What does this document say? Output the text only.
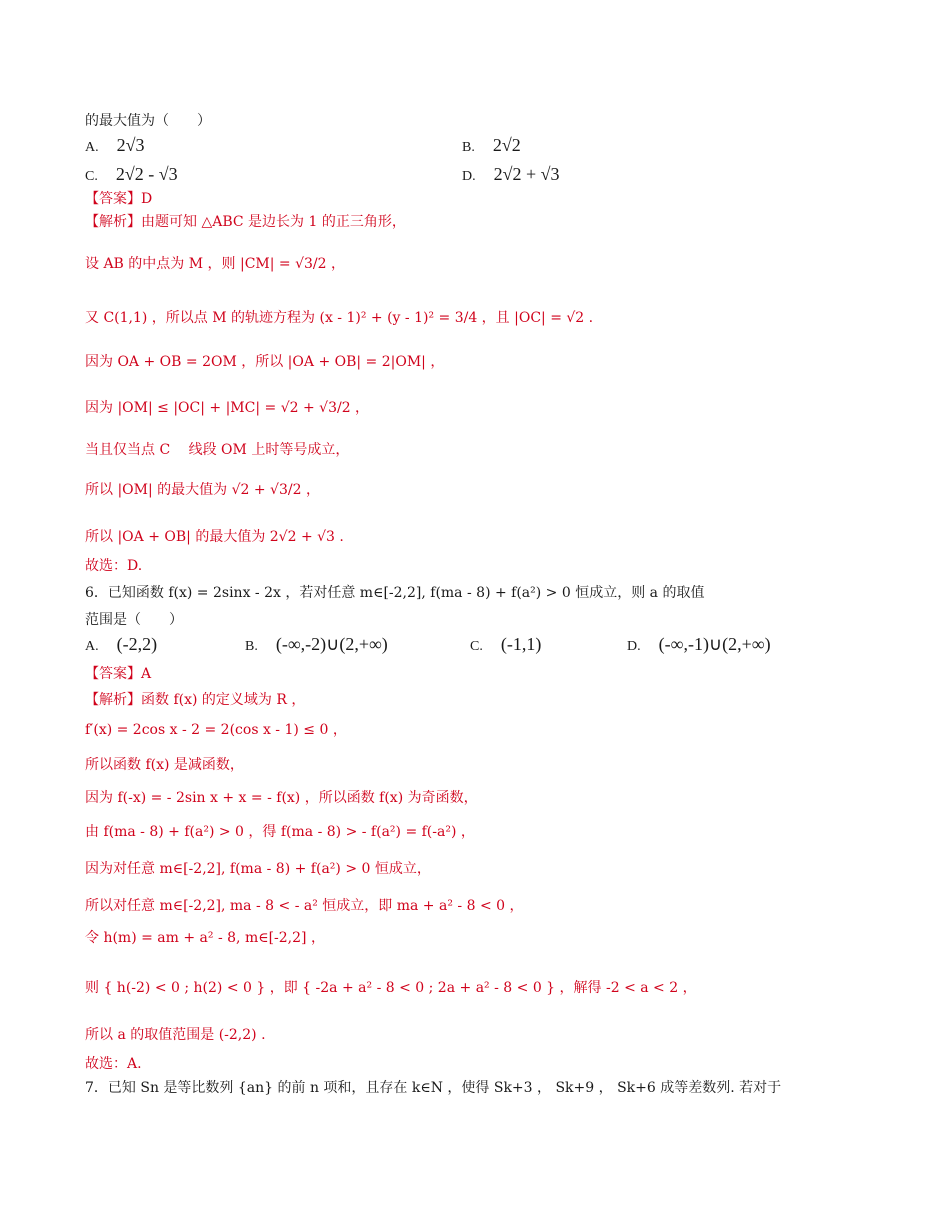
的最大值为（　　）
A. 2√3	B. 2√2
C. 2√2 - √3	D. 2√2 + √3
【答案】D
【解析】由题可知 △ABC 是边长为 1 的正三角形，
设 AB 的中点为 M ，则 |CM| = √3/2 ，
又 C(1,1) ，所以点 M 的轨迹方程为 (x - 1)² + (y - 1)² = 3/4 ，且 |OC| = √2 .
因为 OA + OB = 2OM ，所以 |OA + OB| = 2|OM| ，
因为 |OM| ≤ |OC| + |MC| = √2 + √3/2 ，
当且仅当点 C 　线段 OM 上时等号成立，
所以 |OM| 的最大值为 √2 + √3/2 ，
所以 |OA + OB| 的最大值为 2√2 + √3 .
故选：D.
6．已知函数 f(x) = 2sinx - 2x ，若对任意 m∈[-2,2], f(ma - 8) + f(a²) > 0 恒成立，则 a 的取值
范围是（　　）
A. (-2,2)	B. (-∞,-2)∪(2,+∞)	C. (-1,1)	D. (-∞,-1)∪(2,+∞)
【答案】A
【解析】函数 f(x) 的定义域为 R ，
f′(x) = 2cos x - 2 = 2(cos x - 1) ≤ 0 ，
所以函数 f(x) 是减函数，
因为 f(-x) = - 2sin x + x = - f(x) ，所以函数 f(x) 为奇函数，
由 f(ma - 8) + f(a²) > 0 ，得 f(ma - 8) > - f(a²) = f(-a²) ，
因为对任意 m∈[-2,2], f(ma - 8) + f(a²) > 0 恒成立，
所以对任意 m∈[-2,2], ma - 8 < - a² 恒成立，即 ma + a² - 8 < 0 ，
令 h(m) = am + a² - 8, m∈[-2,2] ，
则 { h(-2) < 0 ; h(2) < 0 } ，即 { -2a + a² - 8 < 0 ; 2a + a² - 8 < 0 } ，解得 -2 < a < 2 ，
所以 a 的取值范围是 (-2,2) .
故选：A.
7．已知 Sn 是等比数列 {an} 的前 n 项和，且存在 k∈N ，使得 Sk+3 ， Sk+9 ， Sk+6 成等差数列. 若对于
